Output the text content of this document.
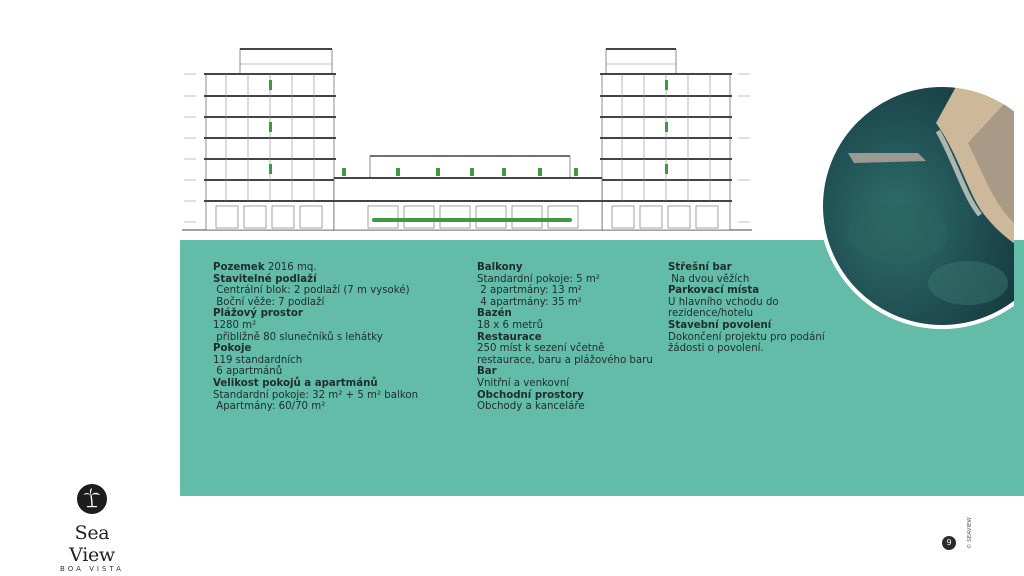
Pozemek 2016 mq.
Stavitelné podlaží
Centrální blok: 2 podlaží (7 m vysoké)
Boční věže: 7 podlaží
Plážový prostor
1280 m²
přibližně 80 slunečníků s lehátky
Pokoje
119 standardních
6 apartmánů
Velikost pokojů a apartmánů
Standardní pokoje: 32 m² + 5 m² balkon
Apartmány: 60/70 m²
Balkony
Standardní pokoje: 5 m²
2 apartmány: 13 m²
4 apartmány: 35 m²
Bazén
18 x 6 metrů
Restaurace
250 míst k sezení včetně
restaurace, baru a plážového baru
Bar
Vnitřní a venkovní
Obchodní prostory
Obchody a kanceláře
Střešní bar
Na dvou věžích
Parkovací místa
U hlavního vchodu do
rezidence/hotelu
Stavební povolení
Dokončení projektu pro podání
žádosti o povolení.
Sea View
BOA VISTA
9	© SEAVIEW
